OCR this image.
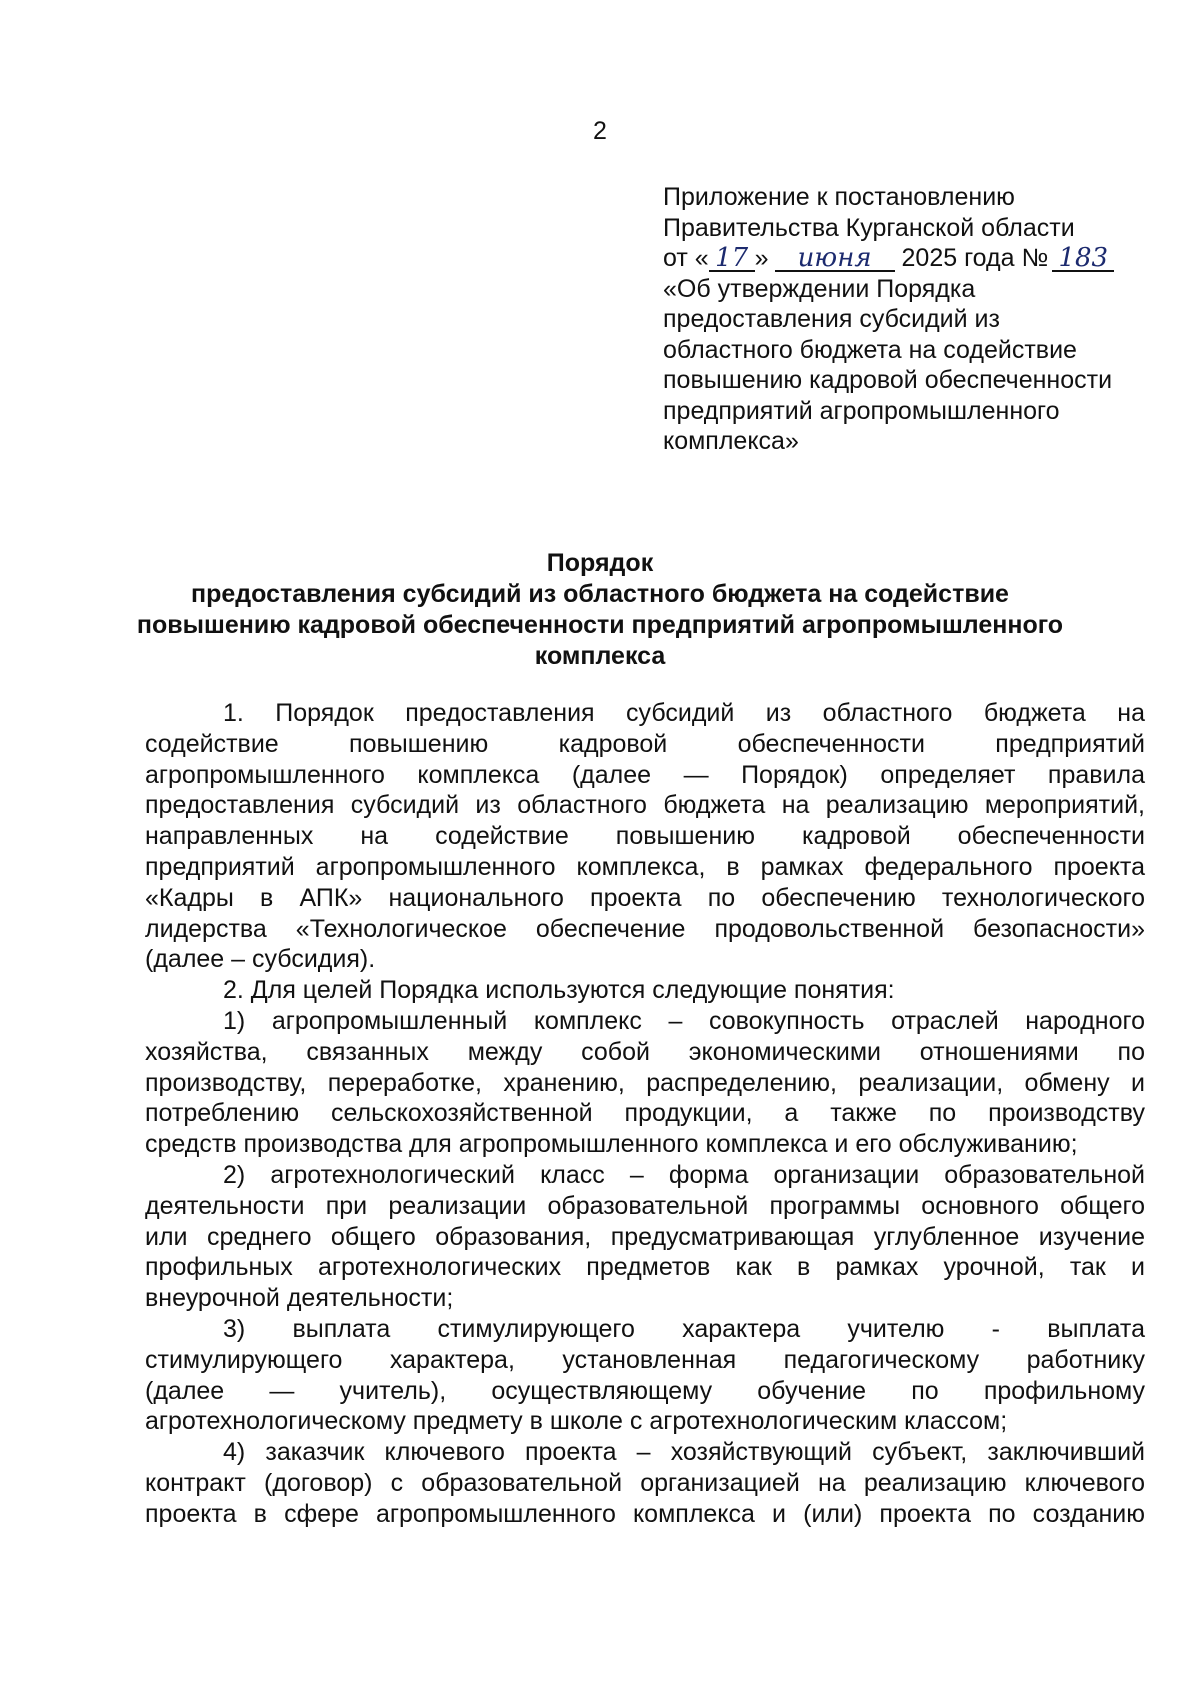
2
Приложение к постановлению
Правительства Курганской области
от « 17 » июня 2025 года № 183
«Об утверждении Порядка
предоставления субсидий из
областного бюджета на содействие
повышению кадровой обеспеченности
предприятий агропромышленного
комплекса»
Порядок
предоставления субсидий из областного бюджета на содействие
повышению кадровой обеспеченности предприятий агропромышленного
комплекса
1. Порядок предоставления субсидий из областного бюджета на
содействие повышению кадровой обеспеченности предприятий
агропромышленного комплекса (далее — Порядок) определяет правила
предоставления субсидий из областного бюджета на реализацию мероприятий,
направленных на содействие повышению кадровой обеспеченности
предприятий агропромышленного комплекса, в рамках федерального проекта
«Кадры в АПК» национального проекта по обеспечению технологического
лидерства «Технологическое обеспечение продовольственной безопасности»
(далее – субсидия).
2. Для целей Порядка используются следующие понятия:
1) агропромышленный комплекс – совокупность отраслей народного
хозяйства, связанных между собой экономическими отношениями по
производству, переработке, хранению, распределению, реализации, обмену и
потреблению сельскохозяйственной продукции, а также по производству
средств производства для агропромышленного комплекса и его обслуживанию;
2) агротехнологический класс – форма организации образовательной
деятельности при реализации образовательной программы основного общего
или среднего общего образования, предусматривающая углубленное изучение
профильных агротехнологических предметов как в рамках урочной, так и
внеурочной деятельности;
3) выплата стимулирующего характера учителю - выплата
стимулирующего характера, установленная педагогическому работнику
(далее — учитель), осуществляющему обучение по профильному
агротехнологическому предмету в школе с агротехнологическим классом;
4) заказчик ключевого проекта – хозяйствующий субъект, заключивший
контракт (договор) с образовательной организацией на реализацию ключевого
проекта в сфере агропромышленного комплекса и (или) проекта по созданию
